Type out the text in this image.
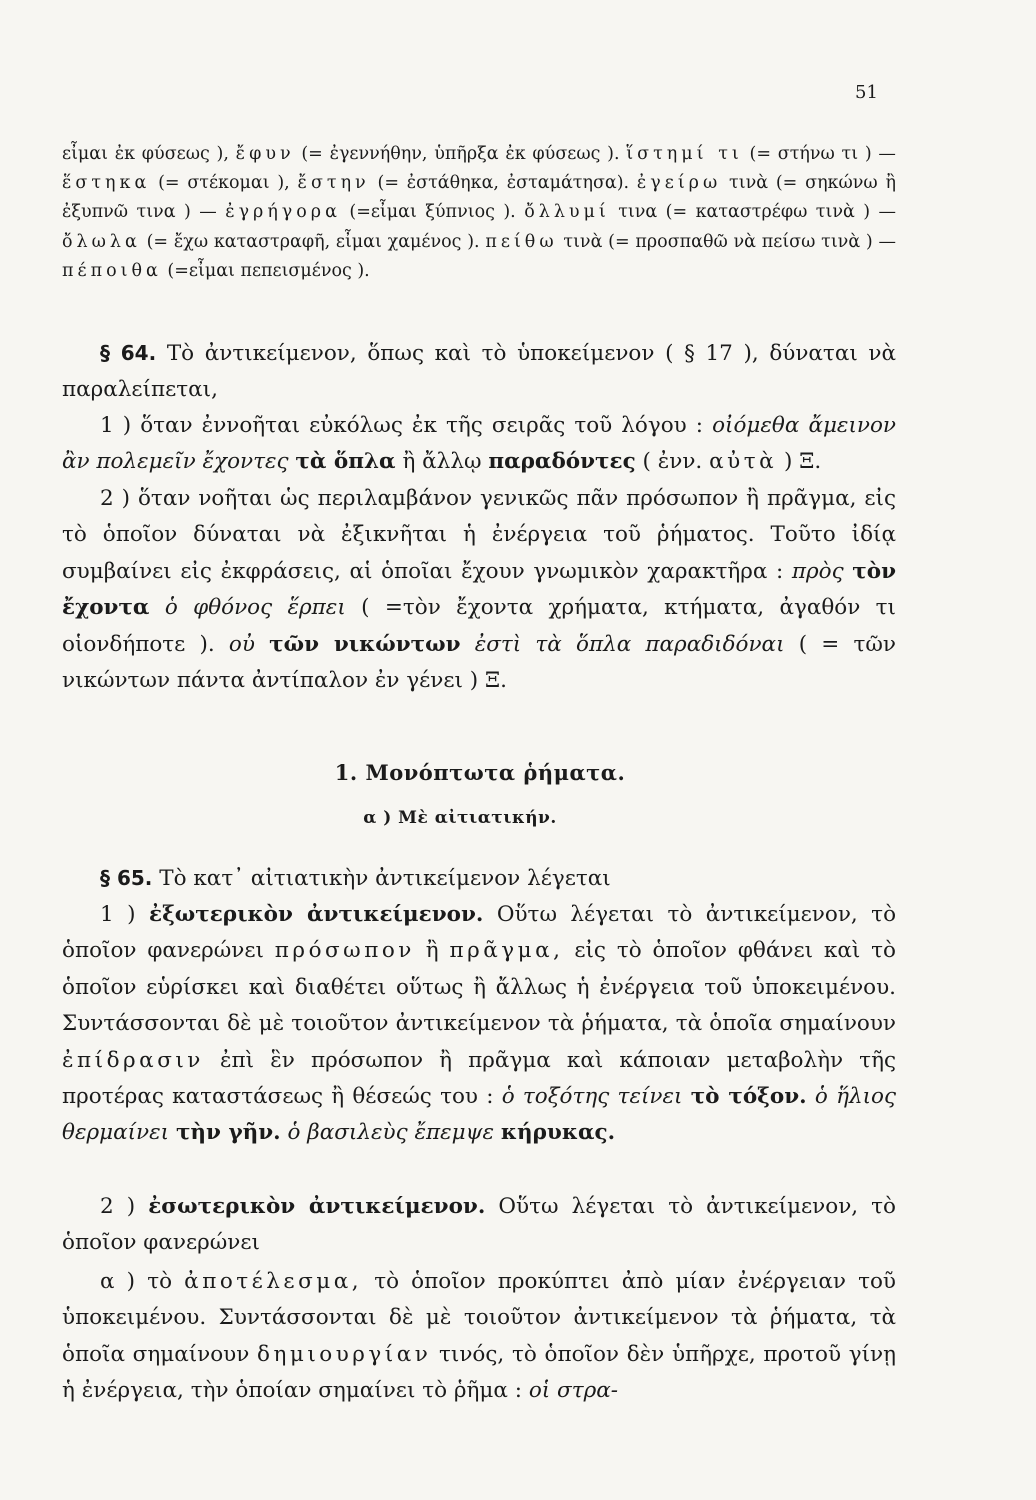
51
εἶμαι ἐκ φύσεως ), ἔφυν (= ἐγεννήθην, ὑπῆρξα ἐκ φύσεως ). ἵστημί τι (= στήνω τι ) — ἕστηκα (= στέκομαι ), ἔστην (= ἐστάθηκα, ἐσταμάτησα). ἐγείρω τινὰ (= σηκώνω ἢ ἐξυπνῶ τινα ) — ἐγρήγορα (=εἶμαι ξύπνιος ). ὄλλυμί τινα (= καταστρέφω τινὰ ) — ὄλωλα (= ἔχω καταστραφῆ, εἶμαι χαμένος ). πείθω τινὰ (= προσπαθῶ νὰ πείσω τινὰ ) — πέποιθα (=εἶμαι πεπεισμένος ).
§ 64. Τὸ ἀντικείμενον, ὅπως καὶ τὸ ὑποκείμενον ( § 17 ), δύναται νὰ παραλείπεται,
1 ) ὅταν ἐννοῆται εὐκόλως ἐκ τῆς σειρᾶς τοῦ λόγου : οἰόμεθα ἄμεινον ἂν πολεμεῖν ἔχοντες τὰ ὅπλα ἢ ἄλλῳ παραδόντες ( ἐνν. αὐτὰ ) Ξ.
2 ) ὅταν νοῆται ὡς περιλαμβάνον γενικῶς πᾶν πρόσωπον ἢ πρᾶγμα, εἰς τὸ ὁποῖον δύναται νὰ ἐξικνῆται ἡ ἐνέργεια τοῦ ῥήματος. Τοῦτο ἰδίᾳ συμβαίνει εἰς ἐκφράσεις, αἱ ὁποῖαι ἔχουν γνωμικὸν χαρακτῆρα : πρὸς τὸν ἔχοντα ὁ φθόνος ἕρπει ( =τὸν ἔχοντα χρήματα, κτήματα, ἀγαθόν τι οἱονδήποτε ). οὐ τῶν νικώντων ἐστὶ τὰ ὅπλα παραδιδόναι ( = τῶν νικώντων πάντα ἀντίπαλον ἐν γένει ) Ξ.
1. Μονόπτωτα ῥήματα.
α ) Μὲ αἰτιατικήν.
§ 65. Τὸ κατ᾽ αἰτιατικὴν ἀντικείμενον λέγεται
1 ) ἐξωτερικὸν ἀντικείμενον. Οὕτω λέγεται τὸ ἀντικείμενον, τὸ ὁποῖον φανερώνει πρόσωπον ἢ πρᾶγμα, εἰς τὸ ὁποῖον φθάνει καὶ τὸ ὁποῖον εὑρίσκει καὶ διαθέτει οὕτως ἢ ἄλλως ἡ ἐνέργεια τοῦ ὑποκειμένου. Συντάσσονται δὲ μὲ τοιοῦτον ἀντικείμενον τὰ ῥήματα, τὰ ὁποῖα σημαίνουν ἐπίδρασιν ἐπὶ ἓν πρόσωπον ἢ πρᾶγμα καὶ κάποιαν μεταβολὴν τῆς προτέρας καταστάσεως ἢ θέσεώς του : ὁ τοξότης τείνει τὸ τόξον. ὁ ἥλιος θερμαίνει τὴν γῆν. ὁ βασιλεὺς ἔπεμψε κήρυκας.
2 ) ἐσωτερικὸν ἀντικείμενον. Οὕτω λέγεται τὸ ἀντικείμενον, τὸ ὁποῖον φανερώνει
α ) τὸ ἀποτέλεσμα, τὸ ὁποῖον προκύπτει ἀπὸ μίαν ἐνέργειαν τοῦ ὑποκειμένου. Συντάσσονται δὲ μὲ τοιοῦτον ἀντικείμενον τὰ ῥήματα, τὰ ὁποῖα σημαίνουν δημιουργίαν τινός, τὸ ὁποῖον δὲν ὑπῆρχε, προτοῦ γίνῃ ἡ ἐνέργεια, τὴν ὁποίαν σημαίνει τὸ ῥῆμα : οἱ στρα-
